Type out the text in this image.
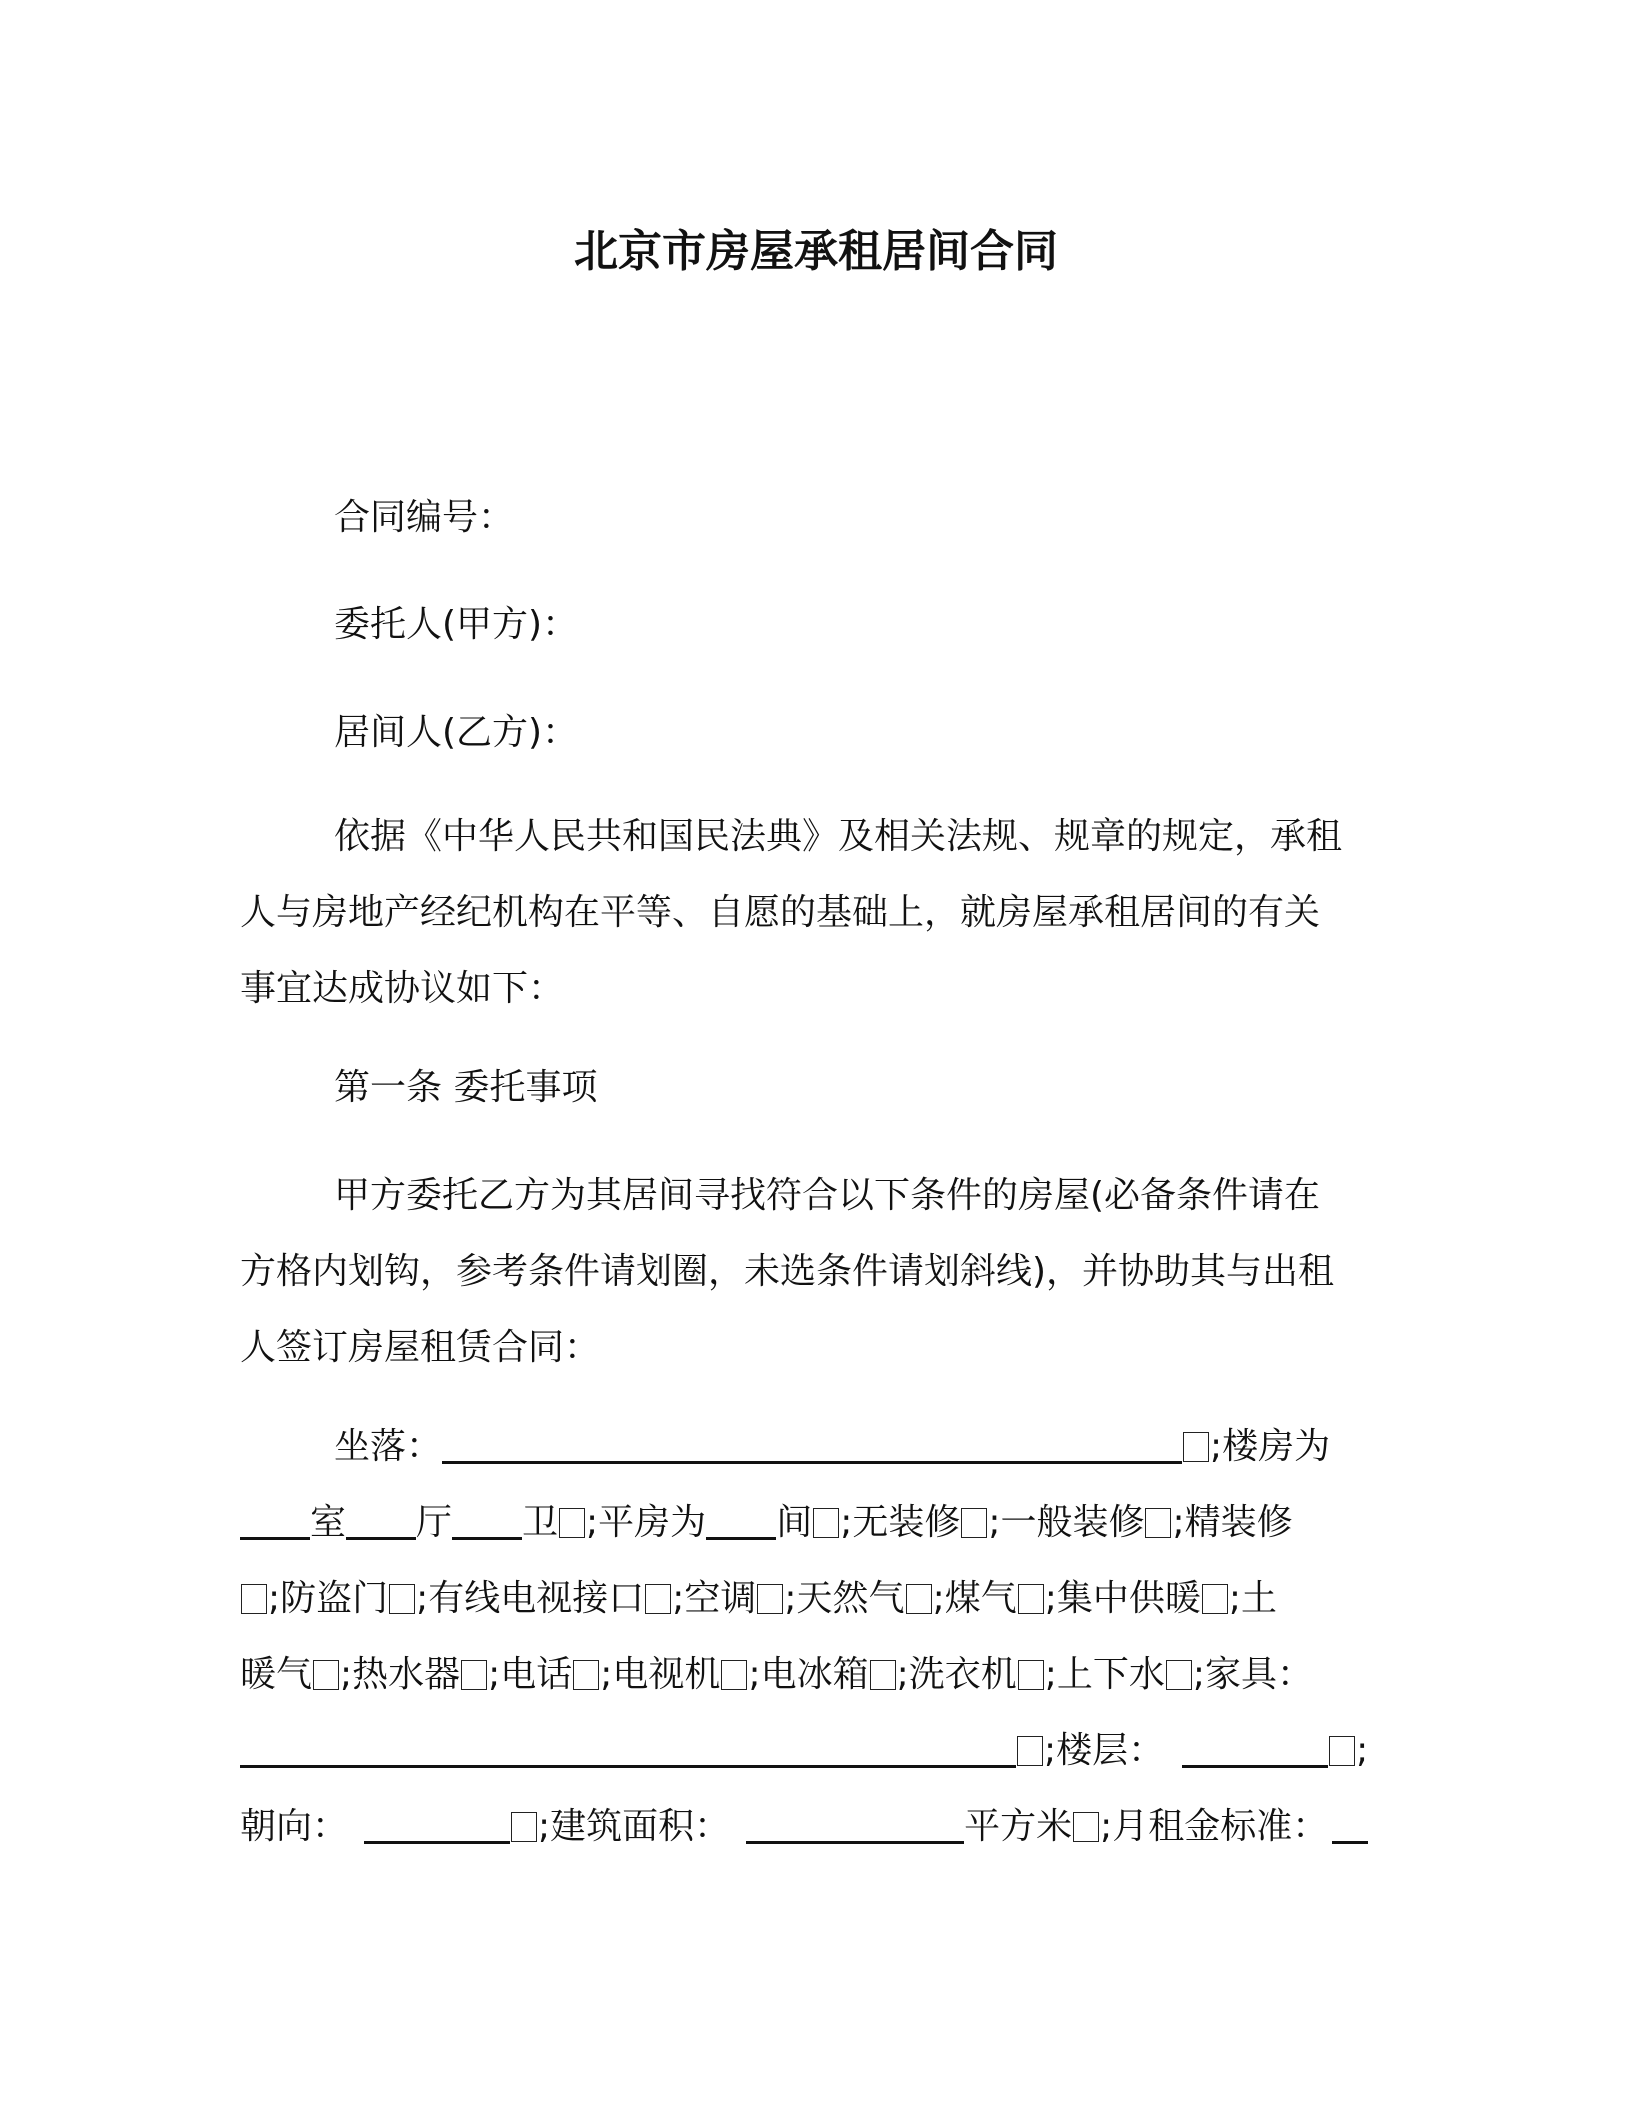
北京市房屋承租居间合同
合同编号：
委托人(甲方)：
居间人(乙方)：
依据《中华人民共和国民法典》及相关法规、规章的规定，承租
人与房地产经纪机构在平等、自愿的基础上，就房屋承租居间的有关
事宜达成协议如下：
第一条 委托事项
甲方委托乙方为其居间寻找符合以下条件的房屋(必备条件请在
方格内划钩，参考条件请划圈，未选条件请划斜线)，并协助其与出租
人签订房屋租赁合同：
坐落：	;楼房为
室 厅 卫 ;平房为 间 ;无装修 ;一般装修 ;精装修
;防盗门 ;有线电视接口 ;空调 ;天然气 ;煤气 ;集中供暖 ;土
暖气 ;热水器 ;电话 ;电视机 ;电冰箱 ;洗衣机 ;上下水 ;家具：
;楼层：	;
朝向：	;建筑面积：	平方米 ;月租金标准：
